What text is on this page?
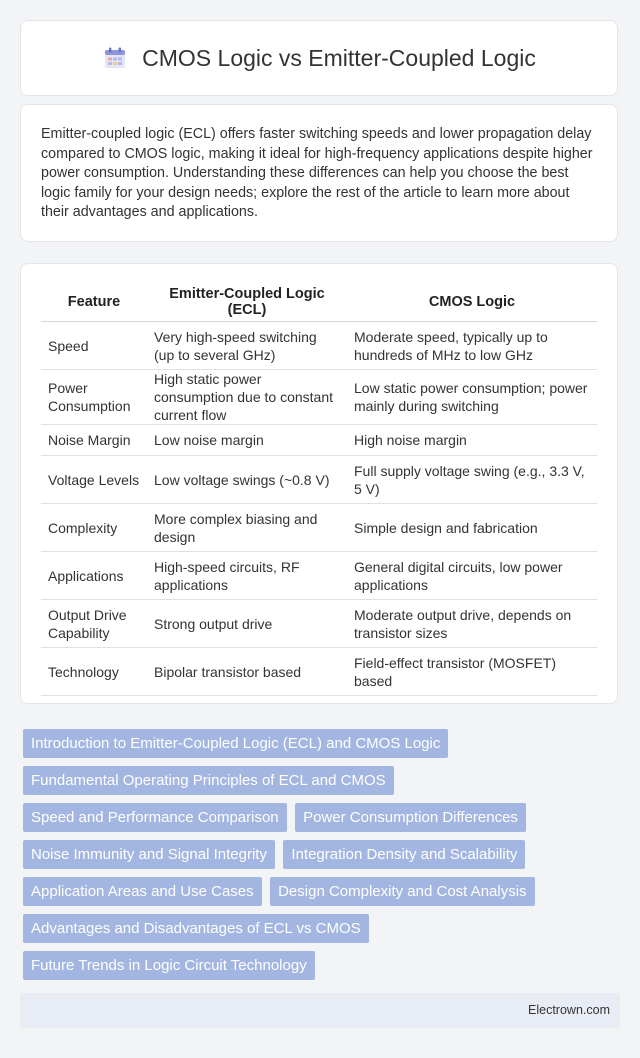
CMOS Logic vs Emitter-Coupled Logic

Emitter-coupled logic (ECL) offers faster switching speeds and lower propagation delay compared to CMOS logic, making it ideal for high-frequency applications despite higher power consumption. Understanding these differences can help you choose the best logic family for your design needs; explore the rest of the article to learn more about their advantages and applications.

Feature	Emitter-Coupled Logic (ECL)	CMOS Logic
Speed	Very high-speed switching (up to several GHz)	Moderate speed, typically up to hundreds of MHz to low GHz
Power Consumption	High static power consumption due to constant current flow	Low static power consumption; power mainly during switching
Noise Margin	Low noise margin	High noise margin
Voltage Levels	Low voltage swings (~0.8 V)	Full supply voltage swing (e.g., 3.3 V, 5 V)
Complexity	More complex biasing and design	Simple design and fabrication
Applications	High-speed circuits, RF applications	General digital circuits, low power applications
Output Drive Capability	Strong output drive	Moderate output drive, depends on transistor sizes
Technology	Bipolar transistor based	Field-effect transistor (MOSFET) based
Introduction to Emitter-Coupled Logic (ECL) and CMOS Logic
Fundamental Operating Principles of ECL and CMOS
Speed and Performance Comparison Power Consumption Differences
Noise Immunity and Signal Integrity Integration Density and Scalability
Application Areas and Use Cases Design Complexity and Cost Analysis
Advantages and Disadvantages of ECL vs CMOS
Future Trends in Logic Circuit Technology
Electrown.com
